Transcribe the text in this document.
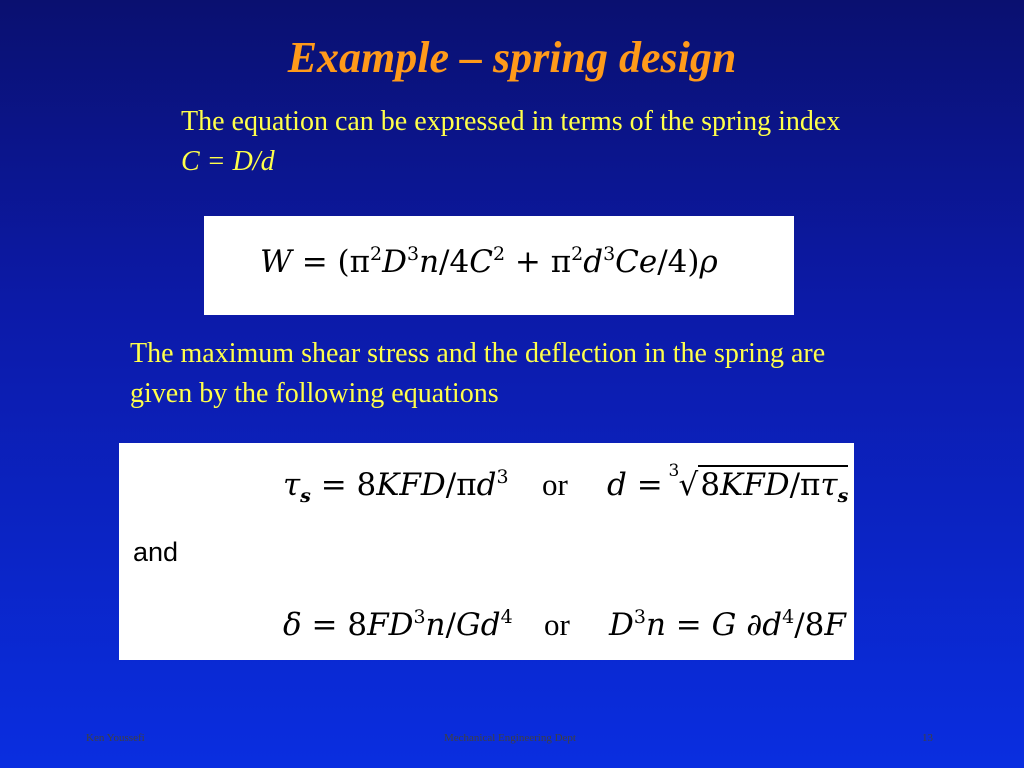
Example – spring design

The equation can be expressed in terms of the spring index C = D/d

$W = (\pi^2D^3n/4C^2 + \pi^2d^3Ce/4)\rho$

The maximum shear stress and the deflection in the spring are given by the following equations

$\tau_s = 8KFD/\pi d^3$ or d =
3 $√8KFD/\pi\tau_s$
and
$\delta = 8FD^3n/Gd^4$ or $D^3n = G$ $\partial d^4/8F$
Ken Youssefi	Mechanical Engineering Dept	13
